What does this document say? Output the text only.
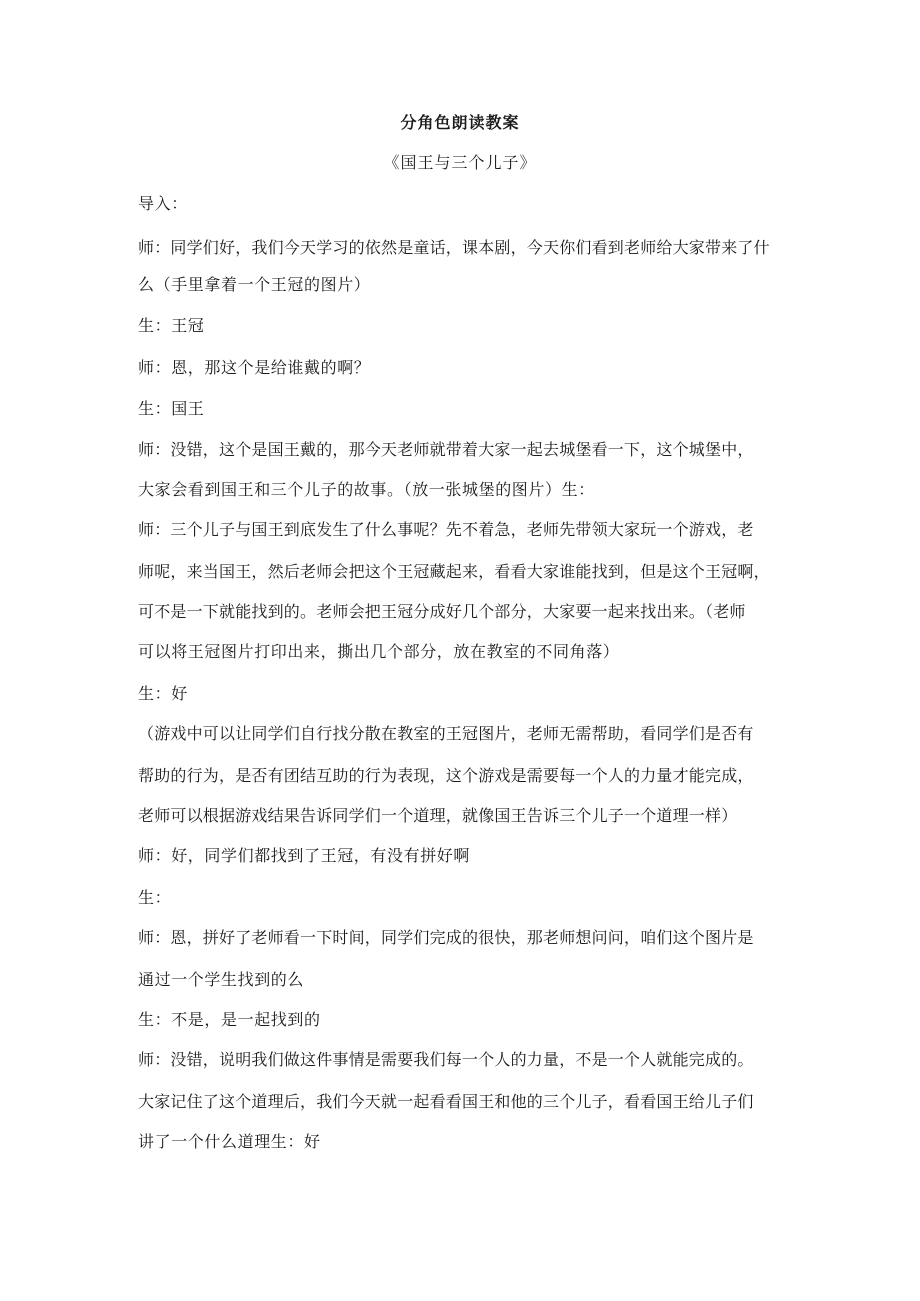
分角色朗读教案
《国王与三个儿子》
导入：
师：同学们好，我们今天学习的依然是童话，课本剧，今天你们看到老师给大家带来了什
么（手里拿着一个王冠的图片）
生：王冠
师：恩，那这个是给谁戴的啊？
生：国王
师：没错，这个是国王戴的，那今天老师就带着大家一起去城堡看一下，这个城堡中，
大家会看到国王和三个儿子的故事。（放一张城堡的图片）生：
师：三个儿子与国王到底发生了什么事呢？先不着急，老师先带领大家玩一个游戏，老
师呢，来当国王，然后老师会把这个王冠藏起来，看看大家谁能找到，但是这个王冠啊，
可不是一下就能找到的。老师会把王冠分成好几个部分，大家要一起来找出来。（老师
可以将王冠图片打印出来，撕出几个部分，放在教室的不同角落）
生：好
（游戏中可以让同学们自行找分散在教室的王冠图片，老师无需帮助，看同学们是否有
帮助的行为，是否有团结互助的行为表现，这个游戏是需要每一个人的力量才能完成，
老师可以根据游戏结果告诉同学们一个道理，就像国王告诉三个儿子一个道理一样）
师：好，同学们都找到了王冠，有没有拼好啊
生：
师：恩，拼好了老师看一下时间，同学们完成的很快，那老师想问问，咱们这个图片是
通过一个学生找到的么
生：不是，是一起找到的
师：没错，说明我们做这件事情是需要我们每一个人的力量，不是一个人就能完成的。
大家记住了这个道理后，我们今天就一起看看国王和他的三个儿子，看看国王给儿子们
讲了一个什么道理生：好
